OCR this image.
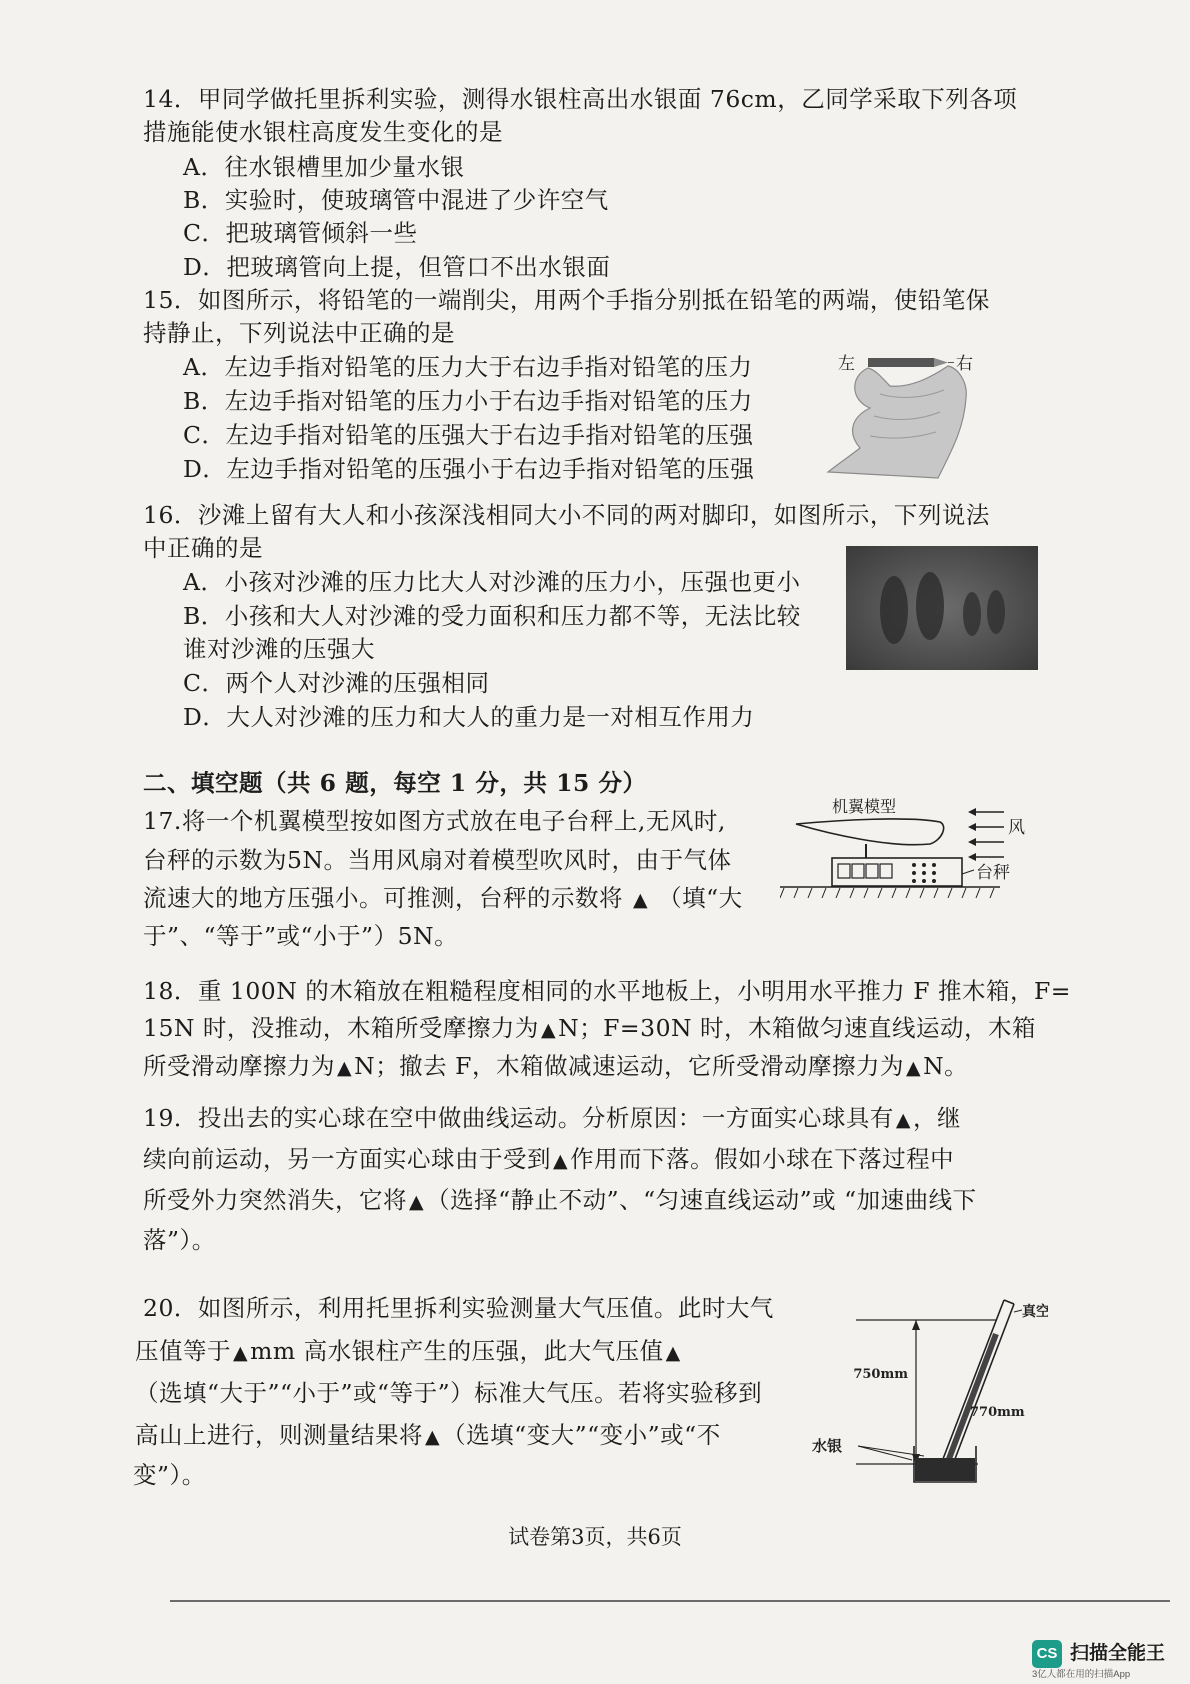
14．甲同学做托里拆利实验，测得水银柱高出水银面 76cm，乙同学采取下列各项
措施能使水银柱高度发生变化的是
A．往水银槽里加少量水银
B．实验时，使玻璃管中混进了少许空气
C．把玻璃管倾斜一些
D．把玻璃管向上提，但管口不出水银面
15．如图所示，将铅笔的一端削尖，用两个手指分别抵在铅笔的两端，使铅笔保
持静止，下列说法中正确的是
A．左边手指对铅笔的压力大于右边手指对铅笔的压力
B．左边手指对铅笔的压力小于右边手指对铅笔的压力
C．左边手指对铅笔的压强大于右边手指对铅笔的压强
D．左边手指对铅笔的压强小于右边手指对铅笔的压强
左	右
16．沙滩上留有大人和小孩深浅相同大小不同的两对脚印，如图所示，下列说法
中正确的是
A．小孩对沙滩的压力比大人对沙滩的压力小，压强也更小
B．小孩和大人对沙滩的受力面积和压力都不等，无法比较
谁对沙滩的压强大
C．两个人对沙滩的压强相同
D．大人对沙滩的压力和大人的重力是一对相互作用力
二、填空题（共 6 题，每空 1 分，共 15 分）
17.将一个机翼模型按如图方式放在电子台秤上,无风时,
台秤的示数为5N。当用风扇对着模型吹风时，由于气体
流速大的地方压强小。可推测，台秤的示数将 ▲ （填“大
于”、“等于”或“小于”）5N。
机翼模型
风
台秤
18．重 100N 的木箱放在粗糙程度相同的水平地板上，小明用水平推力 F 推木箱，F=
15N 时，没推动，木箱所受摩擦力为 ▲N；F=30N 时，木箱做匀速直线运动，木箱
所受滑动摩擦力为 ▲N；撤去 F，木箱做减速运动，它所受滑动摩擦力为 ▲N。
19．投出去的实心球在空中做曲线运动。分析原因：一方面实心球具有 ▲，继
续向前运动，另一方面实心球由于受到 ▲作用而下落。假如小球在下落过程中
所受外力突然消失，它将 ▲（选择“静止不动”、“匀速直线运动”或 “加速曲线下
落”）。
20．如图所示，利用托里拆利实验测量大气压值。此时大气
压值等于 ▲mm 高水银柱产生的压强，此大气压值 ▲
（选填“大于”“小于”或“等于”）标准大气压。若将实验移到
高山上进行，则测量结果将 ▲（选填“变大”“变小”或“不
变”）。
真空
750mm
770mm
水银
试卷第3页，共6页
CS 扫描全能王
3亿人都在用的扫描App
